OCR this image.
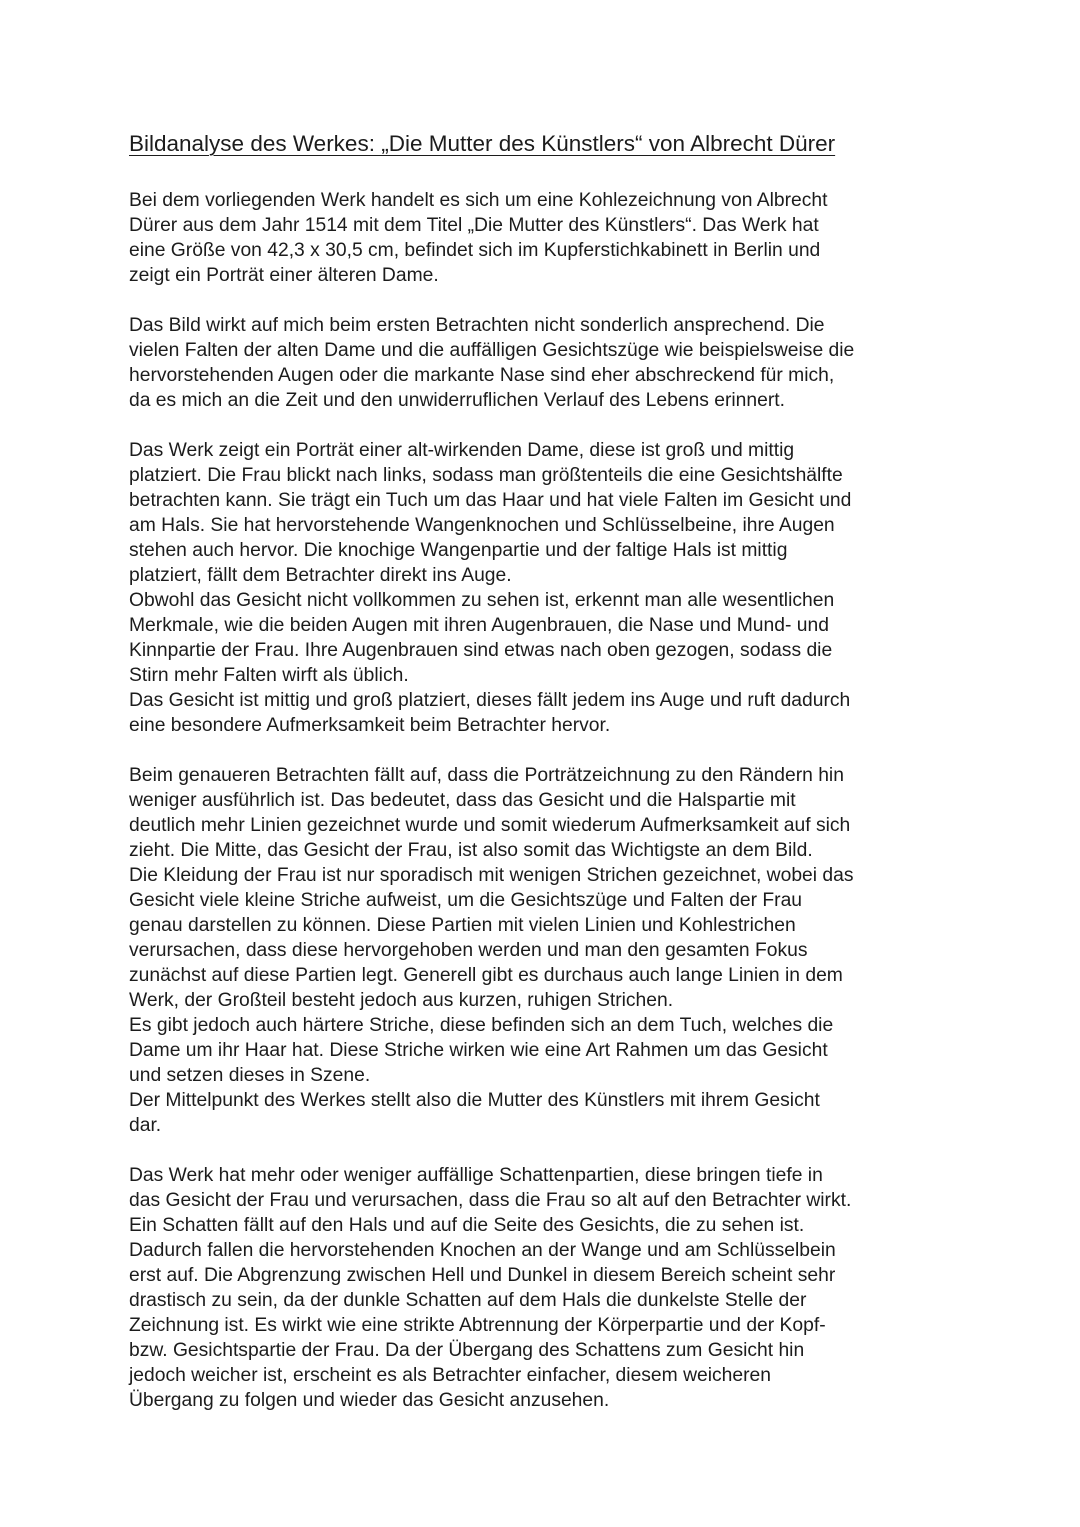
Bildanalyse des Werkes: „Die Mutter des Künstlers“ von Albrecht Dürer

Bei dem vorliegenden Werk handelt es sich um eine Kohlezeichnung von Albrecht
Dürer aus dem Jahr 1514 mit dem Titel „Die Mutter des Künstlers“. Das Werk hat
eine Größe von 42,3 x 30,5 cm, befindet sich im Kupferstichkabinett in Berlin und
zeigt ein Porträt einer älteren Dame.

Das Bild wirkt auf mich beim ersten Betrachten nicht sonderlich ansprechend. Die
vielen Falten der alten Dame und die auffälligen Gesichtszüge wie beispielsweise die
hervorstehenden Augen oder die markante Nase sind eher abschreckend für mich,
da es mich an die Zeit und den unwiderruflichen Verlauf des Lebens erinnert.

Das Werk zeigt ein Porträt einer alt-wirkenden Dame, diese ist groß und mittig
platziert. Die Frau blickt nach links, sodass man größtenteils die eine Gesichtshälfte
betrachten kann. Sie trägt ein Tuch um das Haar und hat viele Falten im Gesicht und
am Hals. Sie hat hervorstehende Wangenknochen und Schlüsselbeine, ihre Augen
stehen auch hervor. Die knochige Wangenpartie und der faltige Hals ist mittig
platziert, fällt dem Betrachter direkt ins Auge.
Obwohl das Gesicht nicht vollkommen zu sehen ist, erkennt man alle wesentlichen
Merkmale, wie die beiden Augen mit ihren Augenbrauen, die Nase und Mund- und
Kinnpartie der Frau. Ihre Augenbrauen sind etwas nach oben gezogen, sodass die
Stirn mehr Falten wirft als üblich.
Das Gesicht ist mittig und groß platziert, dieses fällt jedem ins Auge und ruft dadurch
eine besondere Aufmerksamkeit beim Betrachter hervor.

Beim genaueren Betrachten fällt auf, dass die Porträtzeichnung zu den Rändern hin
weniger ausführlich ist. Das bedeutet, dass das Gesicht und die Halspartie mit
deutlich mehr Linien gezeichnet wurde und somit wiederum Aufmerksamkeit auf sich
zieht. Die Mitte, das Gesicht der Frau, ist also somit das Wichtigste an dem Bild.
Die Kleidung der Frau ist nur sporadisch mit wenigen Strichen gezeichnet, wobei das
Gesicht viele kleine Striche aufweist, um die Gesichtszüge und Falten der Frau
genau darstellen zu können. Diese Partien mit vielen Linien und Kohlestrichen
verursachen, dass diese hervorgehoben werden und man den gesamten Fokus
zunächst auf diese Partien legt. Generell gibt es durchaus auch lange Linien in dem
Werk, der Großteil besteht jedoch aus kurzen, ruhigen Strichen.
Es gibt jedoch auch härtere Striche, diese befinden sich an dem Tuch, welches die
Dame um ihr Haar hat. Diese Striche wirken wie eine Art Rahmen um das Gesicht
und setzen dieses in Szene.
Der Mittelpunkt des Werkes stellt also die Mutter des Künstlers mit ihrem Gesicht
dar.

Das Werk hat mehr oder weniger auffällige Schattenpartien, diese bringen tiefe in
das Gesicht der Frau und verursachen, dass die Frau so alt auf den Betrachter wirkt.
Ein Schatten fällt auf den Hals und auf die Seite des Gesichts, die zu sehen ist.
Dadurch fallen die hervorstehenden Knochen an der Wange und am Schlüsselbein
erst auf. Die Abgrenzung zwischen Hell und Dunkel in diesem Bereich scheint sehr
drastisch zu sein, da der dunkle Schatten auf dem Hals die dunkelste Stelle der
Zeichnung ist. Es wirkt wie eine strikte Abtrennung der Körperpartie und der Kopf-
bzw. Gesichtspartie der Frau. Da der Übergang des Schattens zum Gesicht hin
jedoch weicher ist, erscheint es als Betrachter einfacher, diesem weicheren
Übergang zu folgen und wieder das Gesicht anzusehen.
